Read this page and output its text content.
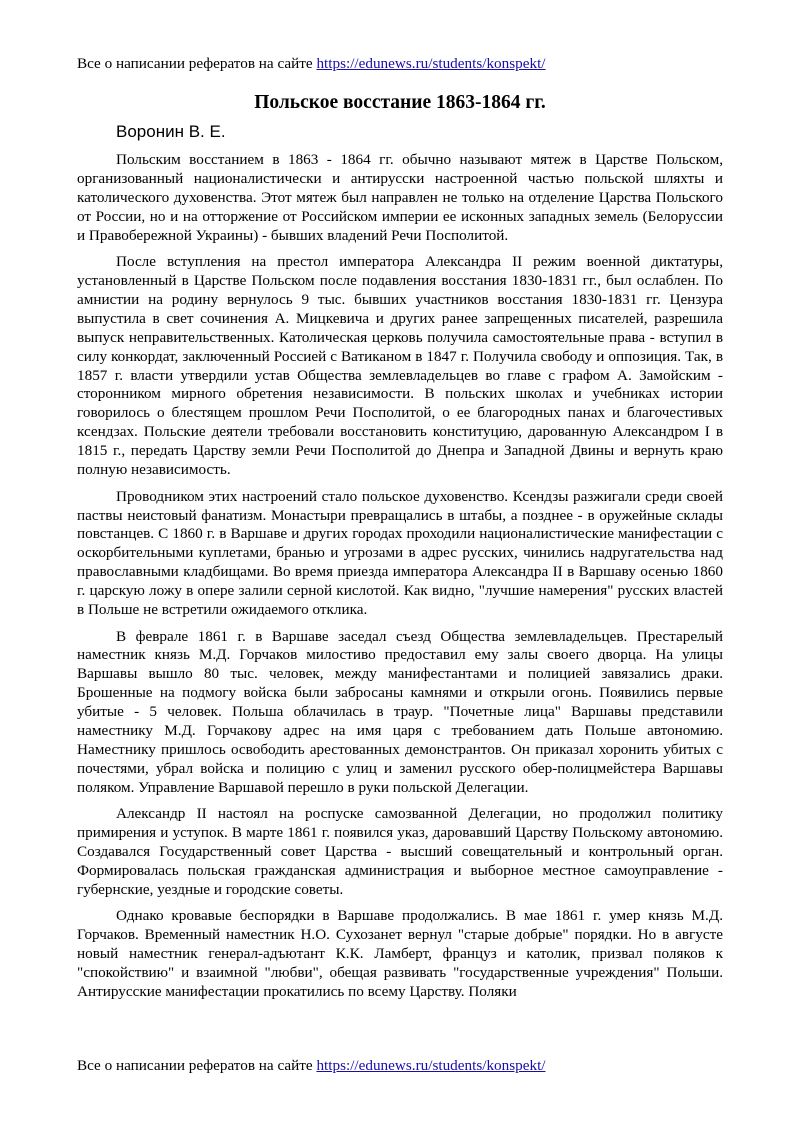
Все о написании рефератов на сайте https://edunews.ru/students/konspekt/
Польское восстание 1863-1864 гг.
Воронин В. Е.

Польским восстанием в 1863 - 1864 гг. обычно называют мятеж в Царстве Польском, организованный националистически и антирусски настроенной частью польской шляхты и католического духовенства. Этот мятеж был направлен не только на отделение Царства Польского от России, но и на отторжение от Российском империи ее исконных западных земель (Белоруссии и Правобережной Украины) - бывших владений Речи Посполитой.

После вступления на престол императора Александра II режим военной диктатуры, установленный в Царстве Польском после подавления восстания 1830-1831 гг., был ослаблен. По амнистии на родину вернулось 9 тыс. бывших участников восстания 1830-1831 гг. Цензура выпустила в свет сочинения А. Мицкевича и других ранее запрещенных писателей, разрешила выпуск неправительственных. Католическая церковь получила самостоятельные права - вступил в силу конкордат, заключенный Россией с Ватиканом в 1847 г. Получила свободу и оппозиция. Так, в 1857 г. власти утвердили устав Общества землевладельцев во главе с графом А. Замойским - сторонником мирного обретения независимости. В польских школах и учебниках истории говорилось о блестящем прошлом Речи Посполитой, о ее благородных панах и благочестивых ксендзах. Польские деятели требовали восстановить конституцию, дарованную Александром I в 1815 г., передать Царству земли Речи Посполитой до Днепра и Западной Двины и вернуть краю полную независимость.

Проводником этих настроений стало польское духовенство. Ксендзы разжигали среди своей паствы неистовый фанатизм. Монастыри превращались в штабы, а позднее - в оружейные склады повстанцев. С 1860 г. в Варшаве и других городах проходили националистические манифестации с оскорбительными куплетами, бранью и угрозами в адрес русских, чинились надругательства над православными кладбищами. Во время приезда императора Александра II в Варшаву осенью 1860 г. царскую ложу в опере залили серной кислотой. Как видно, "лучшие намерения" русских властей в Польше не встретили ожидаемого отклика.

В феврале 1861 г. в Варшаве заседал съезд Общества землевладельцев. Престарелый наместник князь М.Д. Горчаков милостиво предоставил ему залы своего дворца. На улицы Варшавы вышло 80 тыс. человек, между манифестантами и полицией завязались драки. Брошенные на подмогу войска были забросаны камнями и открыли огонь. Появились первые убитые - 5 человек. Польша облачилась в траур. "Почетные лица" Варшавы представили наместнику М.Д. Горчакову адрес на имя царя с требованием дать Польше автономию. Наместнику пришлось освободить арестованных демонстрантов. Он приказал хоронить убитых с почестями, убрал войска и полицию с улиц и заменил русского обер-полицмейстера Варшавы поляком. Управление Варшавой перешло в руки польской Делегации.

Александр II настоял на роспуске самозванной Делегации, но продолжил политику примирения и уступок. В марте 1861 г. появился указ, даровавший Царству Польскому автономию. Создавался Государственный совет Царства - высший совещательный и контрольный орган. Формировалась польская гражданская администрация и выборное местное самоуправление - губернские, уездные и городские советы.

Однако кровавые беспорядки в Варшаве продолжались. В мае 1861 г. умер князь М.Д. Горчаков. Временный наместник Н.О. Сухозанет вернул "старые добрые" порядки. Но в августе новый наместник генерал-адъютант К.К. Ламберт, француз и католик, призвал поляков к "спокойствию" и взаимной "любви", обещая развивать "государственные учреждения" Польши. Антирусские манифестации прокатились по всему Царству. Поляки

Все о написании рефератов на сайте https://edunews.ru/students/konspekt/
